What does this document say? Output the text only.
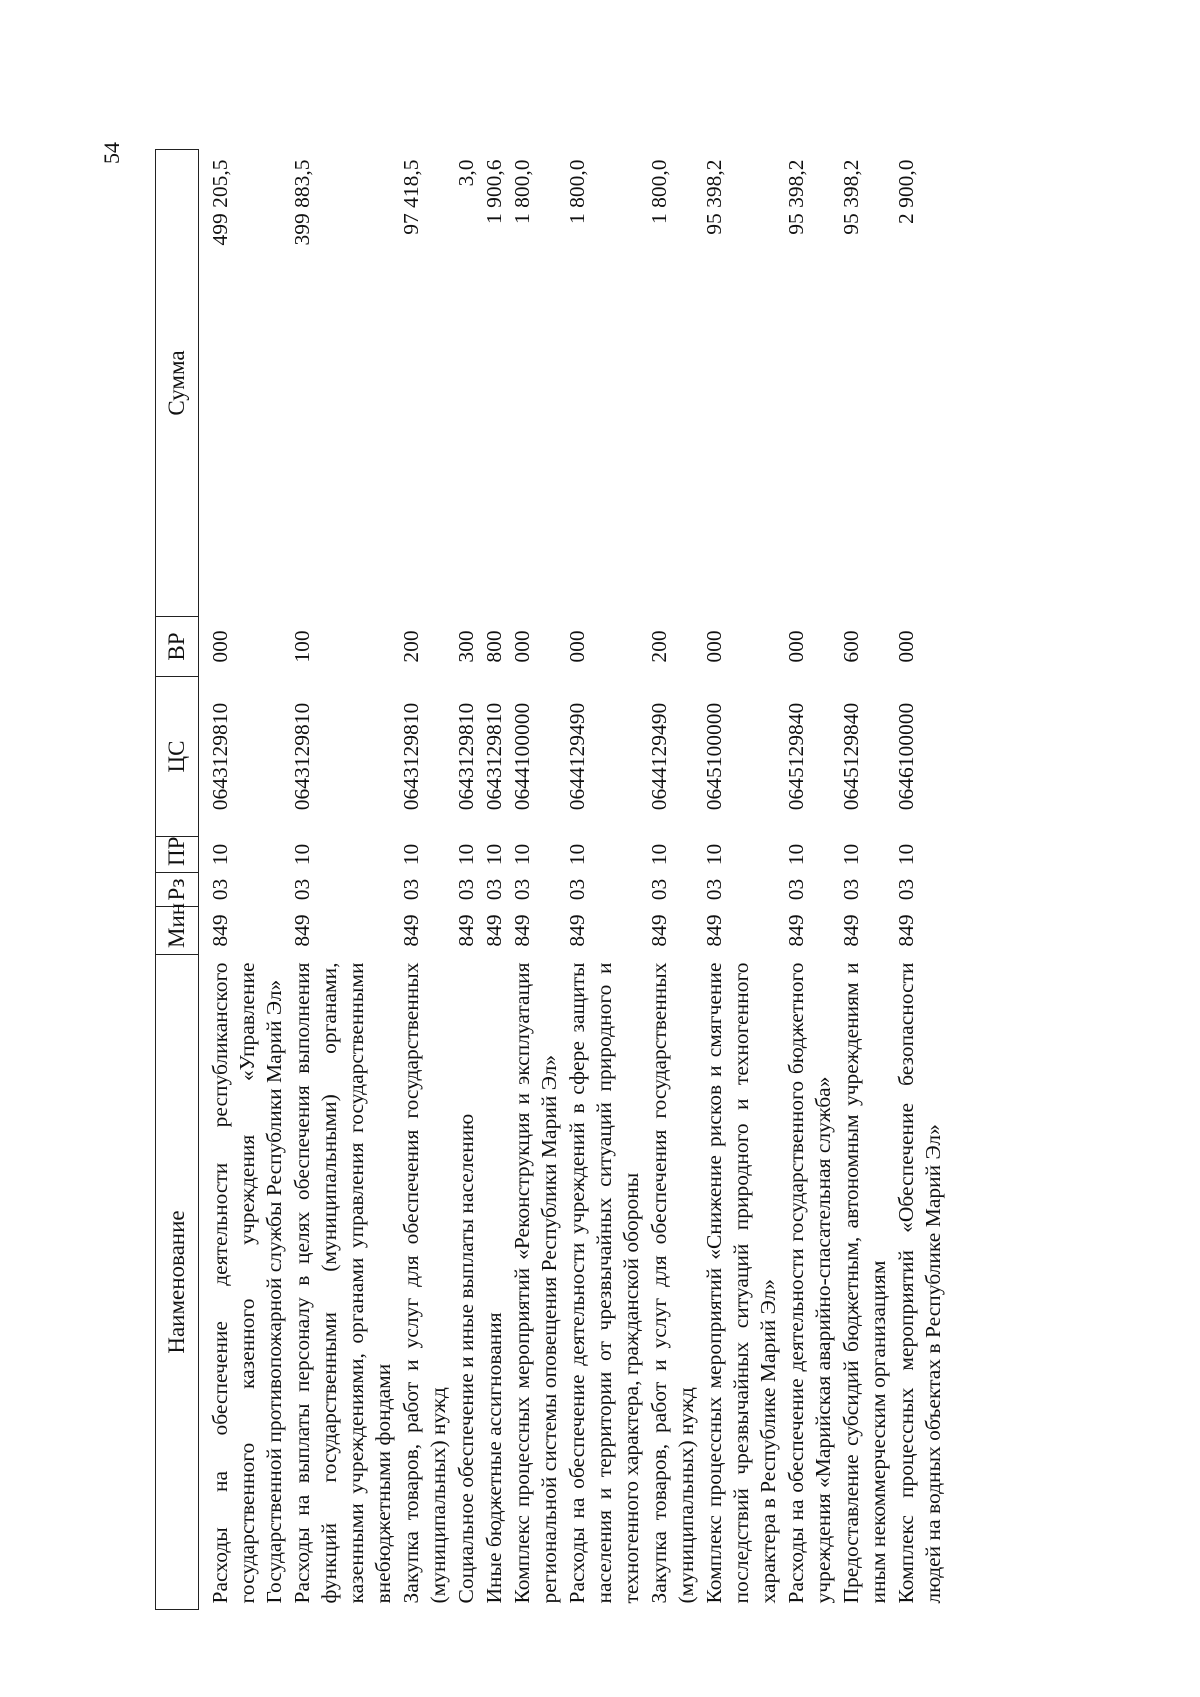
54
Наименование	Мин	Рз	ПР	ЦС	ВР	Сумма
Расходы на обеспечение деятельности республиканского государственного казенного учреждения «Управление Государственной противопожарной службы Республики Марий Эл»	849	03	10	0643129810	000	499 205,5
Расходы на выплаты персоналу в целях обеспечения выполнения функций государственными (муниципальными) органами, казенными учреждениями, органами управления государственными внебюджетными фондами	849	03	10	0643129810	100	399 883,5
Закупка товаров, работ и услуг для обеспечения государственных (муниципальных) нужд	849	03	10	0643129810	200	97 418,5
Социальное обеспечение и иные выплаты населению	849	03	10	0643129810	300	3,0
Иные бюджетные ассигнования	849	03	10	0643129810	800	1 900,6
Комплекс процессных мероприятий «Реконструкция и эксплуатация региональной системы оповещения Республики Марий Эл»	849	03	10	0644100000	000	1 800,0
Расходы на обеспечение деятельности учреждений в сфере защиты населения и территории от чрезвычайных ситуаций природного и техногенного характера, гражданской обороны	849	03	10	0644129490	000	1 800,0
Закупка товаров, работ и услуг для обеспечения государственных (муниципальных) нужд	849	03	10	0644129490	200	1 800,0
Комплекс процессных мероприятий «Снижение рисков и смягчение последствий чрезвычайных ситуаций природного и техногенного характера в Республике Марий Эл»	849	03	10	0645100000	000	95 398,2
Расходы на обеспечение деятельности государственного бюджетного учреждения «Марийская аварийно-спасательная служба»	849	03	10	0645129840	000	95 398,2
Предоставление субсидий бюджетным, автономным учреждениям и иным некоммерческим организациям	849	03	10	0645129840	600	95 398,2
Комплекс процессных мероприятий «Обеспечение безопасности людей на водных объектах в Республике Марий Эл»	849	03	10	0646100000	000	2 900,0
